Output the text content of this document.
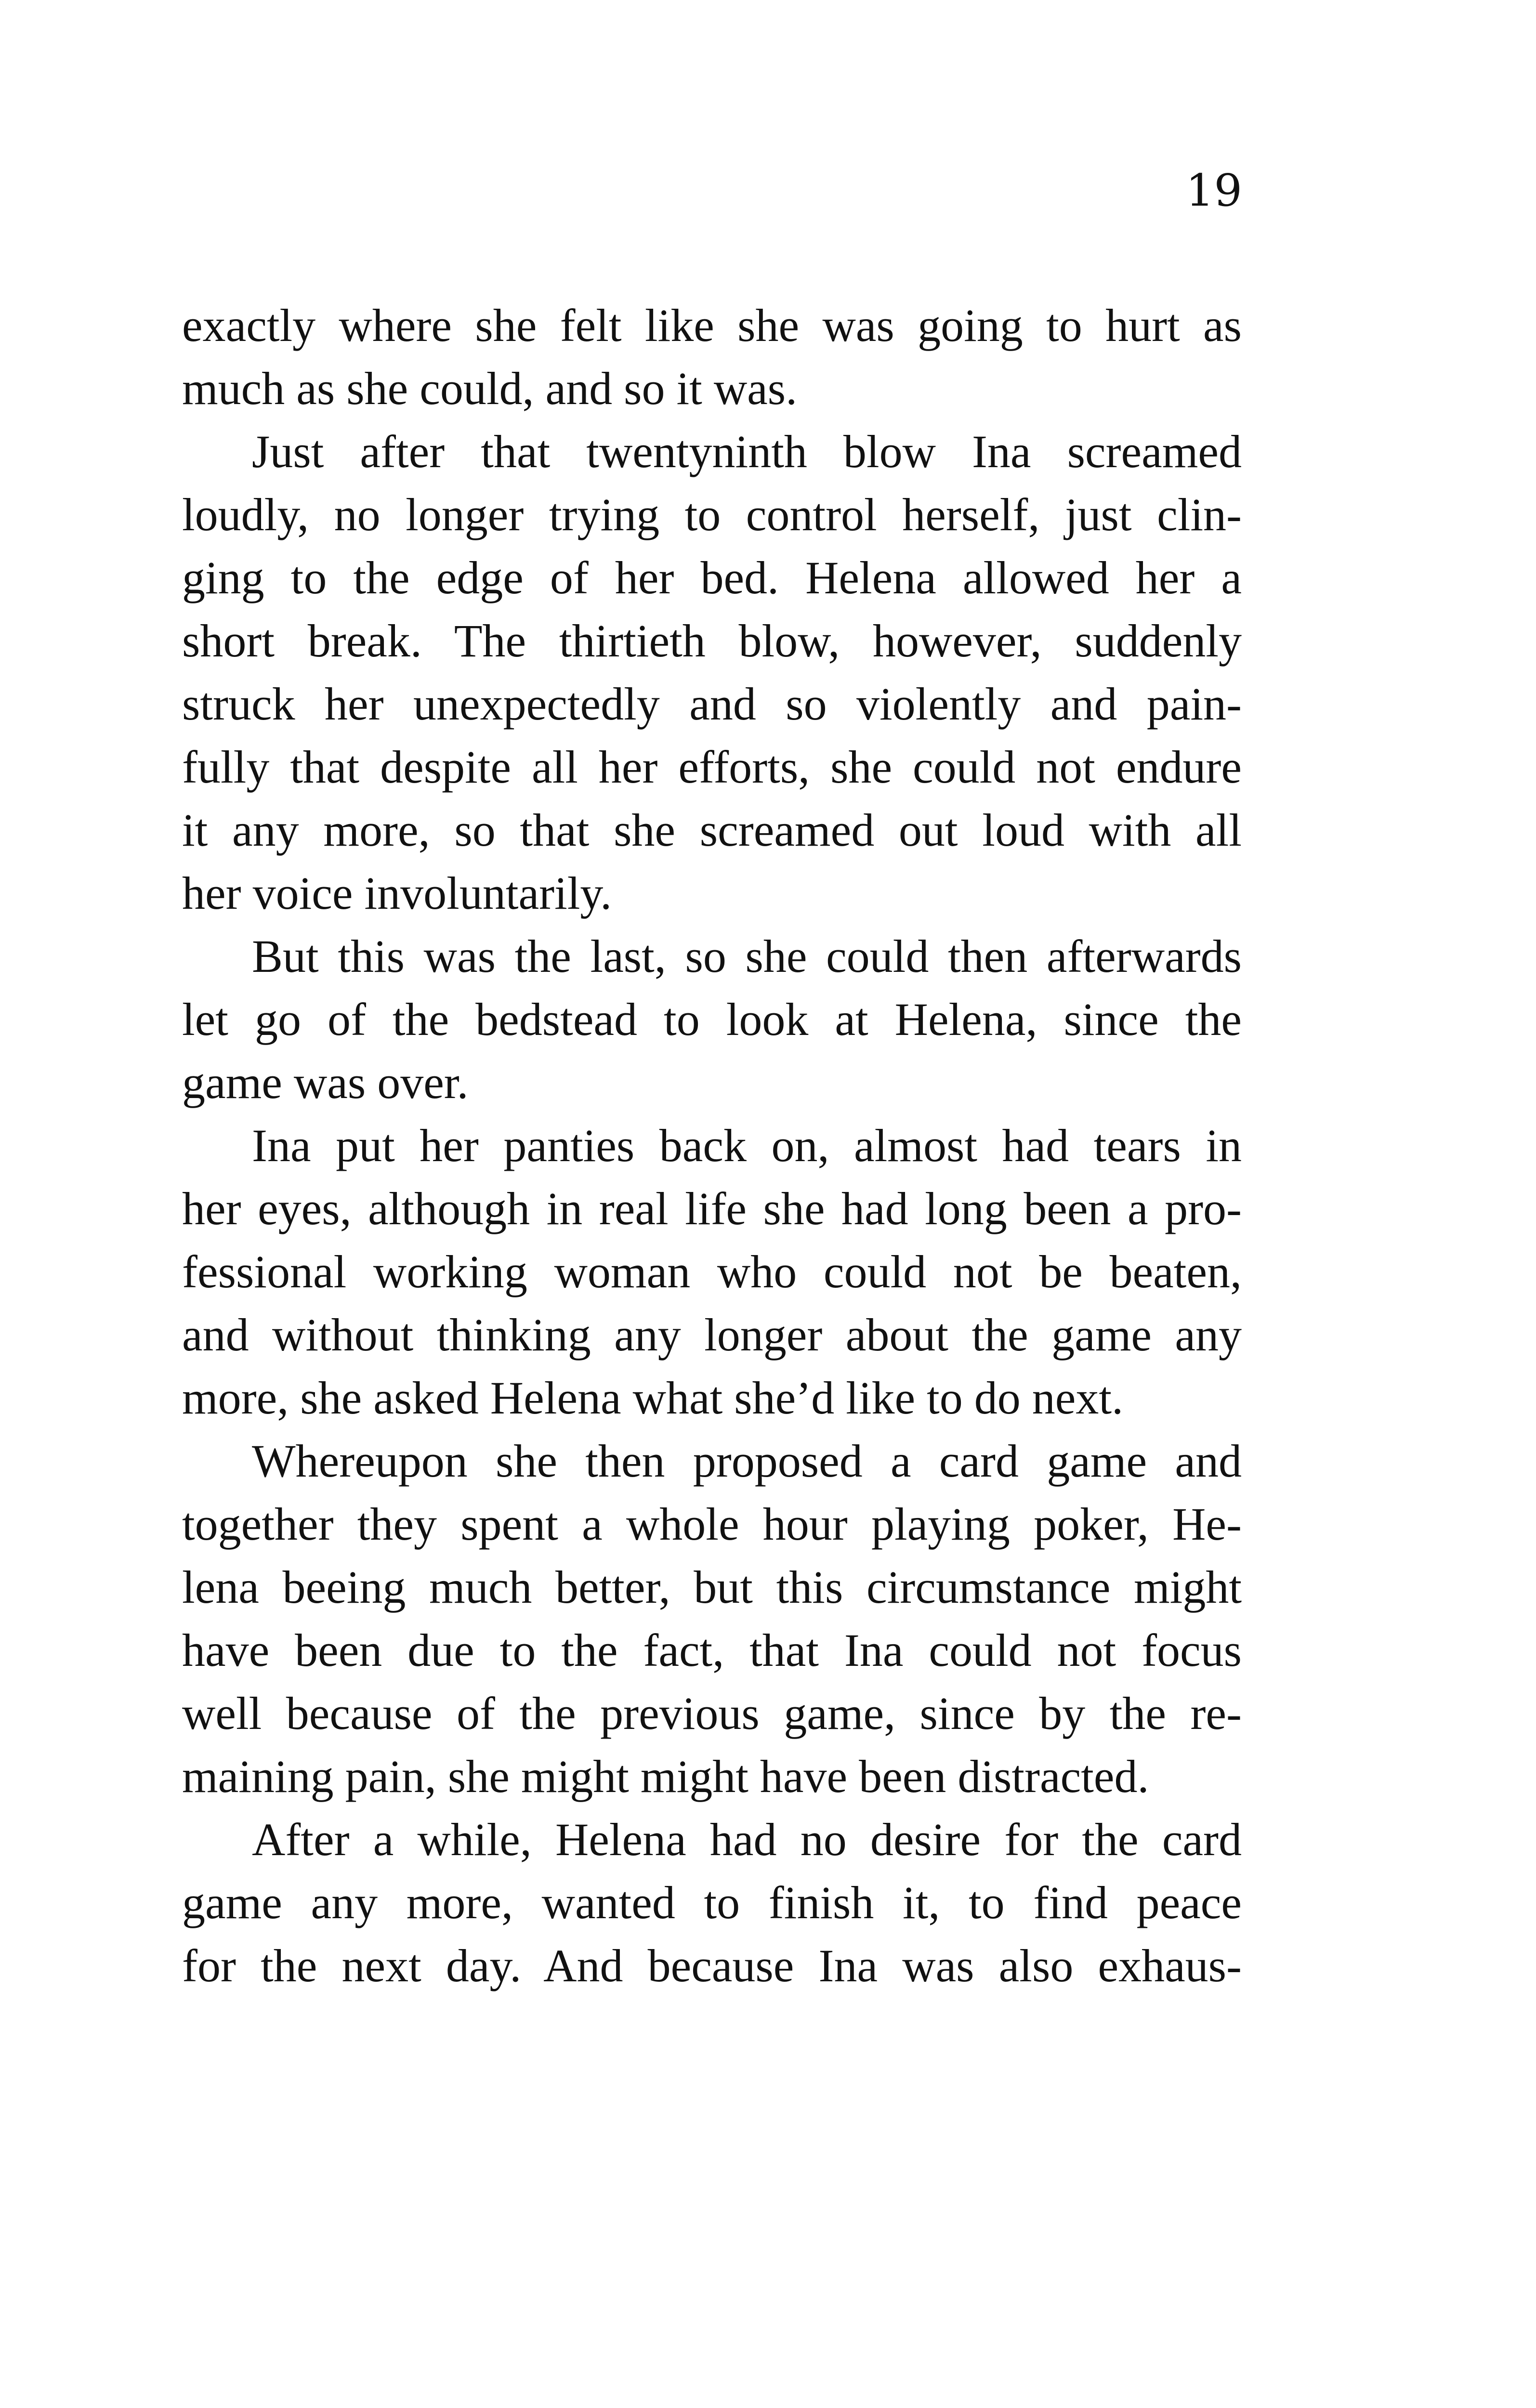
19
exactly where she felt like she was going to hurt as
much as she could, and so it was.
Just after that twentyninth blow Ina screamed
loudly, no longer trying to control herself, just clin-
ging to the edge of her bed. Helena allowed her a
short break. The thirtieth blow, however, suddenly
struck her unexpectedly and so violently and pain-
fully that despite all her efforts, she could not endure
it any more, so that she screamed out loud with all
her voice involuntarily.
But this was the last, so she could then afterwards
let go of the bedstead to look at Helena, since the
game was over.
Ina put her panties back on, almost had tears in
her eyes, although in real life she had long been a pro-
fessional working woman who could not be beaten,
and without thinking any longer about the game any
more, she asked Helena what she’d like to do next.
Whereupon she then proposed a card game and
together they spent a whole hour playing poker, He-
lena beeing much better, but this circumstance might
have been due to the fact, that Ina could not focus
well because of the previous game, since by the re-
maining pain, she might might have been distracted.
After a while, Helena had no desire for the card
game any more, wanted to finish it, to find peace
for the next day. And because Ina was also exhaus-
